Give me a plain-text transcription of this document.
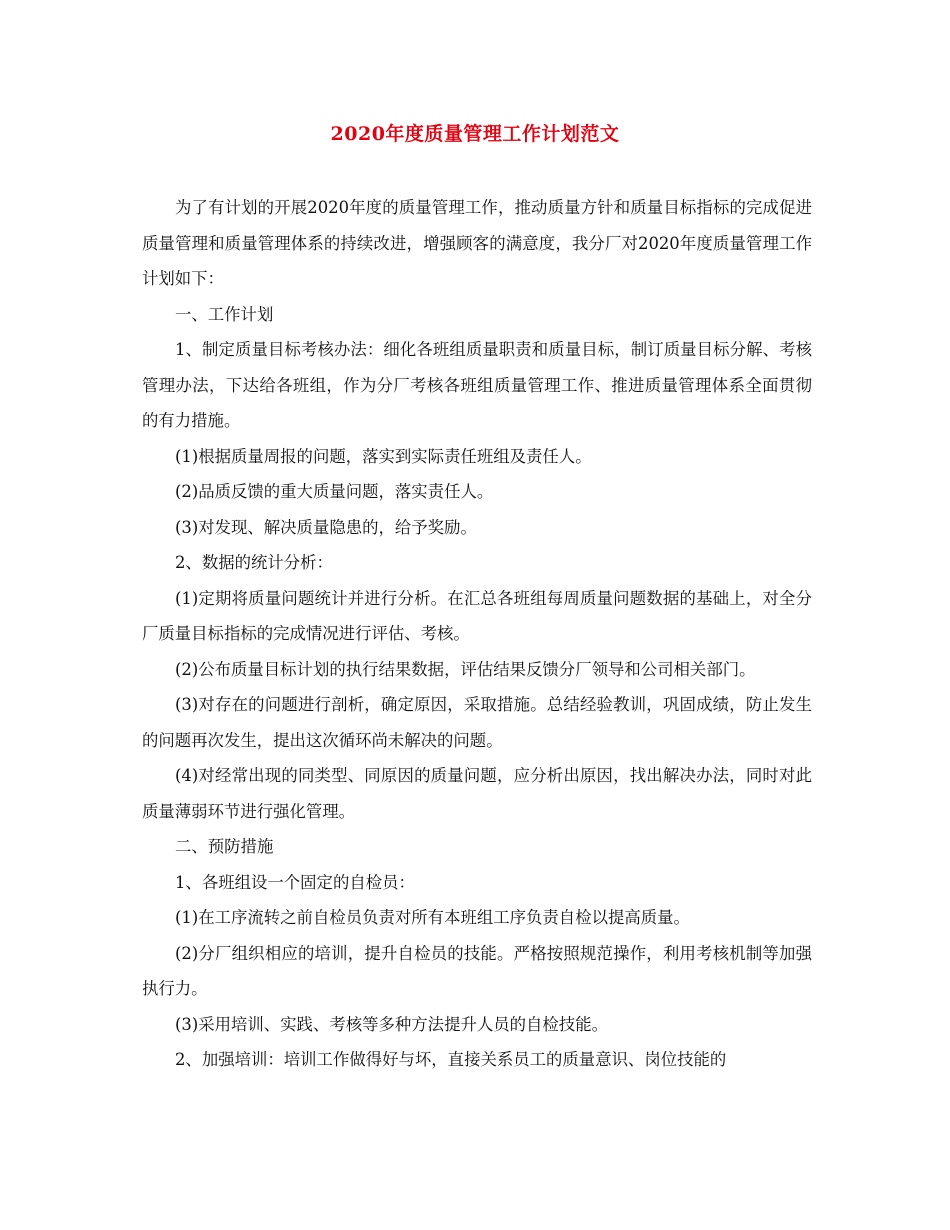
2020年度质量管理工作计划范文

为了有计划的开展2020年度的质量管理工作，推动质量方针和质量目标指标的完成促进质量管理和质量管理体系的持续改进，增强顾客的满意度，我分厂对2020年度质量管理工作计划如下：

一、工作计划

1、制定质量目标考核办法：细化各班组质量职责和质量目标，制订质量目标分解、考核管理办法，下达给各班组，作为分厂考核各班组质量管理工作、推进质量管理体系全面贯彻的有力措施。

(1)根据质量周报的问题，落实到实际责任班组及责任人。

(2)品质反馈的重大质量问题，落实责任人。

(3)对发现、解决质量隐患的，给予奖励。

2、数据的统计分析：

(1)定期将质量问题统计并进行分析。在汇总各班组每周质量问题数据的基础上，对全分厂质量目标指标的完成情况进行评估、考核。

(2)公布质量目标计划的执行结果数据，评估结果反馈分厂领导和公司相关部门。

(3)对存在的问题进行剖析，确定原因，采取措施。总结经验教训，巩固成绩，防止发生的问题再次发生，提出这次循环尚未解决的问题。

(4)对经常出现的同类型、同原因的质量问题，应分析出原因，找出解决办法，同时对此质量薄弱环节进行强化管理。

二、预防措施

1、各班组设一个固定的自检员：

(1)在工序流转之前自检员负责对所有本班组工序负责自检以提高质量。

(2)分厂组织相应的培训，提升自检员的技能。严格按照规范操作，利用考核机制等加强执行力。

(3)采用培训、实践、考核等多种方法提升人员的自检技能。

2、加强培训：培训工作做得好与坏，直接关系员工的质量意识、岗位技能的
